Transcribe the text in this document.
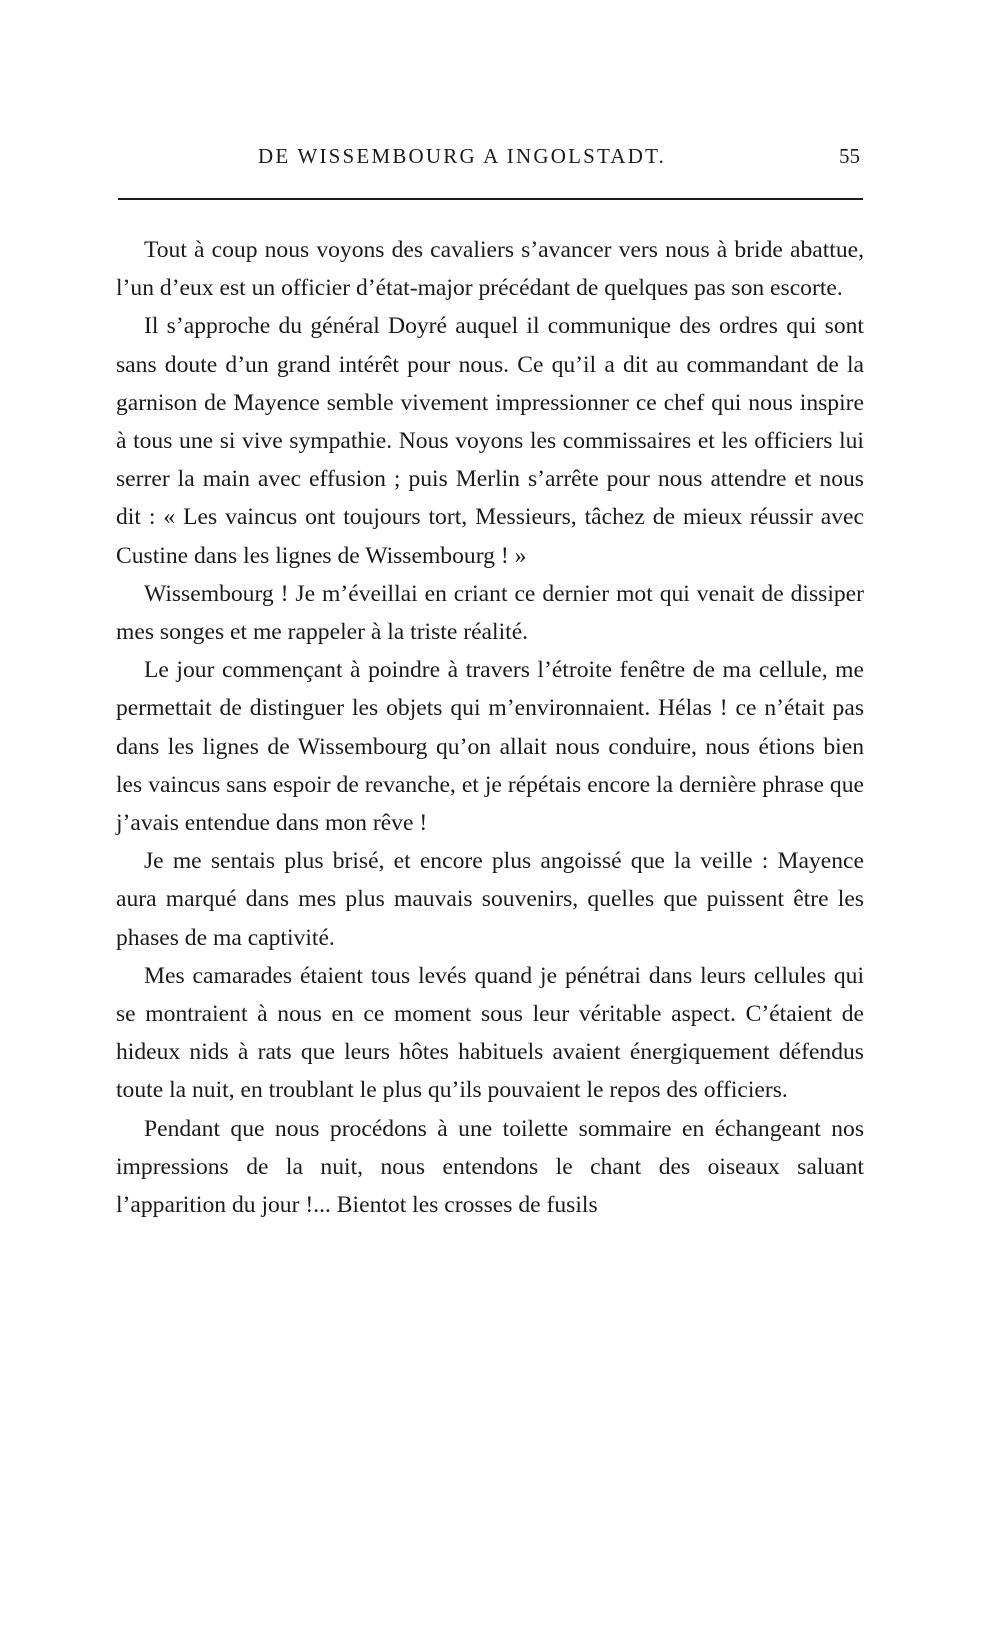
DE WISSEMBOURG A INGOLSTADT.	55

Tout à coup nous voyons des cavaliers s’avancer vers nous à bride abattue, l’un d’eux est un officier d’état-major précédant de quelques pas son escorte.

Il s’approche du général Doyré auquel il communique des ordres qui sont sans doute d’un grand intérêt pour nous. Ce qu’il a dit au commandant de la garnison de Mayence semble vivement impressionner ce chef qui nous inspire à tous une si vive sympathie. Nous voyons les commissaires et les officiers lui serrer la main avec effusion ; puis Merlin s’arrête pour nous attendre et nous dit : « Les vaincus ont toujours tort, Messieurs, tâchez de mieux réussir avec Custine dans les lignes de Wissembourg ! »

Wissembourg ! Je m’éveillai en criant ce dernier mot qui venait de dissiper mes songes et me rappeler à la triste réalité.

Le jour commençant à poindre à travers l’étroite fenêtre de ma cellule, me permettait de distinguer les objets qui m’environnaient. Hélas ! ce n’était pas dans les lignes de Wissembourg qu’on allait nous conduire, nous étions bien les vaincus sans espoir de revanche, et je répétais encore la dernière phrase que j’avais entendue dans mon rêve !

Je me sentais plus brisé, et encore plus angoissé que la veille : Mayence aura marqué dans mes plus mauvais souvenirs, quelles que puissent être les phases de ma captivité.

Mes camarades étaient tous levés quand je pénétrai dans leurs cellules qui se montraient à nous en ce moment sous leur véritable aspect. C’étaient de hideux nids à rats que leurs hôtes habituels avaient énergiquement défendus toute la nuit, en troublant le plus qu’ils pouvaient le repos des officiers.

Pendant que nous procédons à une toilette sommaire en échangeant nos impressions de la nuit, nous entendons le chant des oiseaux saluant l’apparition du jour !... Bientot les crosses de fusils
